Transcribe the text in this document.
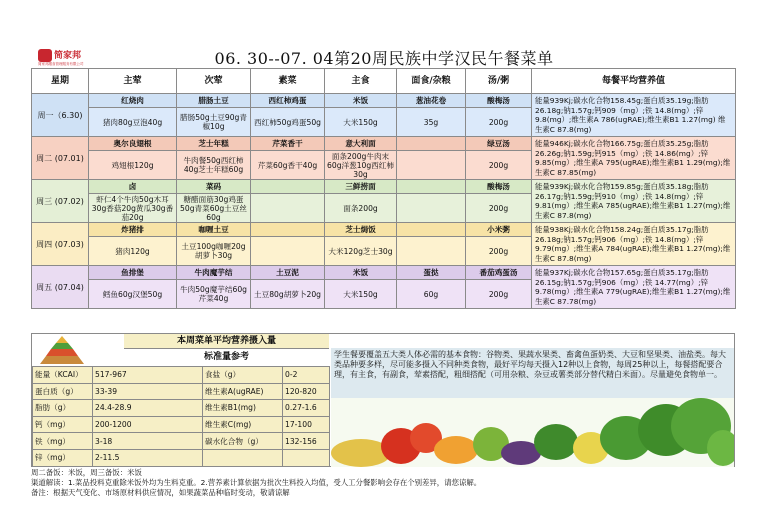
简家邦
简家邦膳食管理服务有限公司	06. 30--07. 04第20周民族中学汉民午餐菜单
星期	主荤	次荤	素菜	主食	面食/杂粮	汤/粥	每餐平均营养值
周一（6.30)	红烧肉	腊肠土豆	西红柿鸡蛋	米饭	葱油花卷	酸梅汤	能量939Kj;碳水化合物158.45g;蛋白质35.19g;脂肪26.18g;钠1.57g;钙909（mg）;铁 14.8(mg）;锌9.8(mg）;维生素A 786(ugRAE);维生素B1 1.27(mg) 维生素C 87.8(mg)
	猪肉80g豆泡40g	腊肠50g土豆90g青椒10g	西红柿50g鸡蛋50g	大米150g	35g	200g	
周二 (07.01)	奥尔良翅根	芝士年糕	芹菜香干	意大利面		绿豆汤	能量946Kj;碳水化合物166.75g;蛋白质35.25g;脂肪26.26g;钠1.59g;钙915（mg）;铁 14.86(mg）;锌9.85(mg）;维生素A 795(ugRAE);维生素B1 1.29(mg);维生素C 87.85(mg)
	鸡翅根120g	牛肉餐50g西红柿40g芝士年糕60g	芹菜60g香干40g	面条200g牛肉末60g洋葱10g西红柿30g		200g	
周三 (07.02)	卤	菜码		三鲜捞面		酸梅汤	能量939Kj;碳水化合物159.85g;蛋白质35.18g;脂肪26.17g;钠1.59g;钙910（mg）;铁 14.8(mg）;锌9.81(mg）;维生素A 785(ugRAE);维生素B1 1.27(mg);维生素C 87.8(mg)
	虾仁4个牛肉50g木耳30g香菇20g黄瓜30g番茄20g	糖醋面筋30g鸡蛋50g青菜60g土豆丝60g		面条200g		200g	
周四 (07.03)	炸猪排	咖喱土豆		芝士焗饭		小米粥	能量938Kj;碳水化合物158.24g;蛋白质35.17g;脂肪26.18g;钠1.57g;钙906（mg）;铁 14.8(mg）;锌9.79(mg）;维生素A 784(ugRAE);维生素B1 1.27(mg);维生素C 87.8(mg)
	猪肉120g	土豆100g咖喱20g胡萝卜30g		大米120g芝士30g		200g	
周五 (07.04)	鱼排堡	牛肉魔芋结	土豆泥	米饭	蛋挞	番茄鸡蛋汤	能量937Kj;碳水化合物157.65g;蛋白质35.17g;脂肪26.15g;钠1.57g;钙906（mg）;铁 14.77(mg）;锌9.78(mg）;维生素A 779(ugRAE);维生素B1 1.27(mg);维生素C 87.78(mg)
	鳕鱼60g汉堡50g	牛肉50g魔芋结60g芹菜40g	土豆80g胡萝卜20g	大米150g	60g	200g	
本周菜单平均营养摄入量
标准量参考
能量（KCAI）	517-967	食盐（g）	0-2
蛋白质（g）	33-39	维生素A(ugRAE)	120-820
脂肪（g）	24.4-28.9	维生素B1(mg)	0.27-1.6
钙（mg）	200-1200	维生素C(mg)	17-100
铁（mg）	3-18	碳水化合物（g）	132-156
锌（mg）	2-11.5		
学生餐要覆盖五大类人体必需的基本食物：谷物类、果蔬水果类、畜禽鱼蛋奶类、大豆和坚果类、油盐类。每大类品种要多样，尽可能多摄入不同种类食物，最好平均每天摄入12种以上食物，每周25种以上，每餐搭配要合理，有主食，有副食，荤素搭配，粗细搭配（可用杂粮、杂豆或薯类部分替代精白米面）。尽量避免食物单一。
周二备饭：米饭，周三备饭：米饭
渠道解读：1.菜品投料克重除米饭外均为生料克重。2.营养素计算依据为批次生料投入均值，受人工分餐影响会存在个别差异，请您谅解。
备注：根据天气变化、市场原材料供应情况，如果蔬菜品种临时变动，敬请谅解
